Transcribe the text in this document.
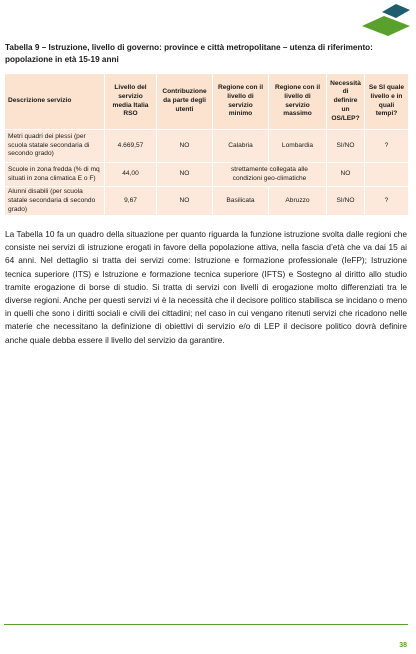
Tabella 9 – Istruzione, livello di governo: province e città metropolitane – utenza di riferimento: popolazione in età 15-19 anni
Descrizione servizio	Livello del servizio media Italia RSO	Contribuzione da parte degli utenti	Regione con il livello di servizio minimo	Regione con il livello di servizio massimo	Necessità di definire un OS/LEP?	Se SI quale livello e in quali tempi?
Metri quadri dei plessi (per scuola statale secondaria di secondo grado)	4.669,57	NO	Calabria	Lombardia	SI/NO	?
Scuole in zona fredda (% di mq situati in zona climatica E o F)	44,00	NO	strettamente collegata alle condizioni geo-climatiche		NO	
Alunni disabili (per scuola statale secondaria di secondo grado)	9,67	NO	Basilicata	Abruzzo	SI/NO	?

La Tabella 10 fa un quadro della situazione per quanto riguarda la funzione istruzione svolta dalle regioni che consiste nei servizi di istruzione erogati in favore della popolazione attiva, nella fascia d’età che va dai 15 ai 64 anni. Nel dettaglio si tratta dei servizi come: Istruzione e formazione professionale (IeFP); Istruzione tecnica superiore (ITS) e Istruzione e formazione tecnica superiore (IFTS) e Sostegno al diritto allo studio tramite erogazione di borse di studio. Si tratta di servizi con livelli di erogazione molto differenziati tra le diverse regioni. Anche per questi servizi vi è la necessità che il decisore politico stabilisca se incidano o meno in quelli che sono i diritti sociali e civili dei cittadini; nel caso in cui vengano ritenuti servizi che ricadono nelle materie che necessitano la definizione di obiettivi di servizio e/o di LEP il decisore politico dovrà definire anche quale debba essere il livello del servizio da garantire.

38
